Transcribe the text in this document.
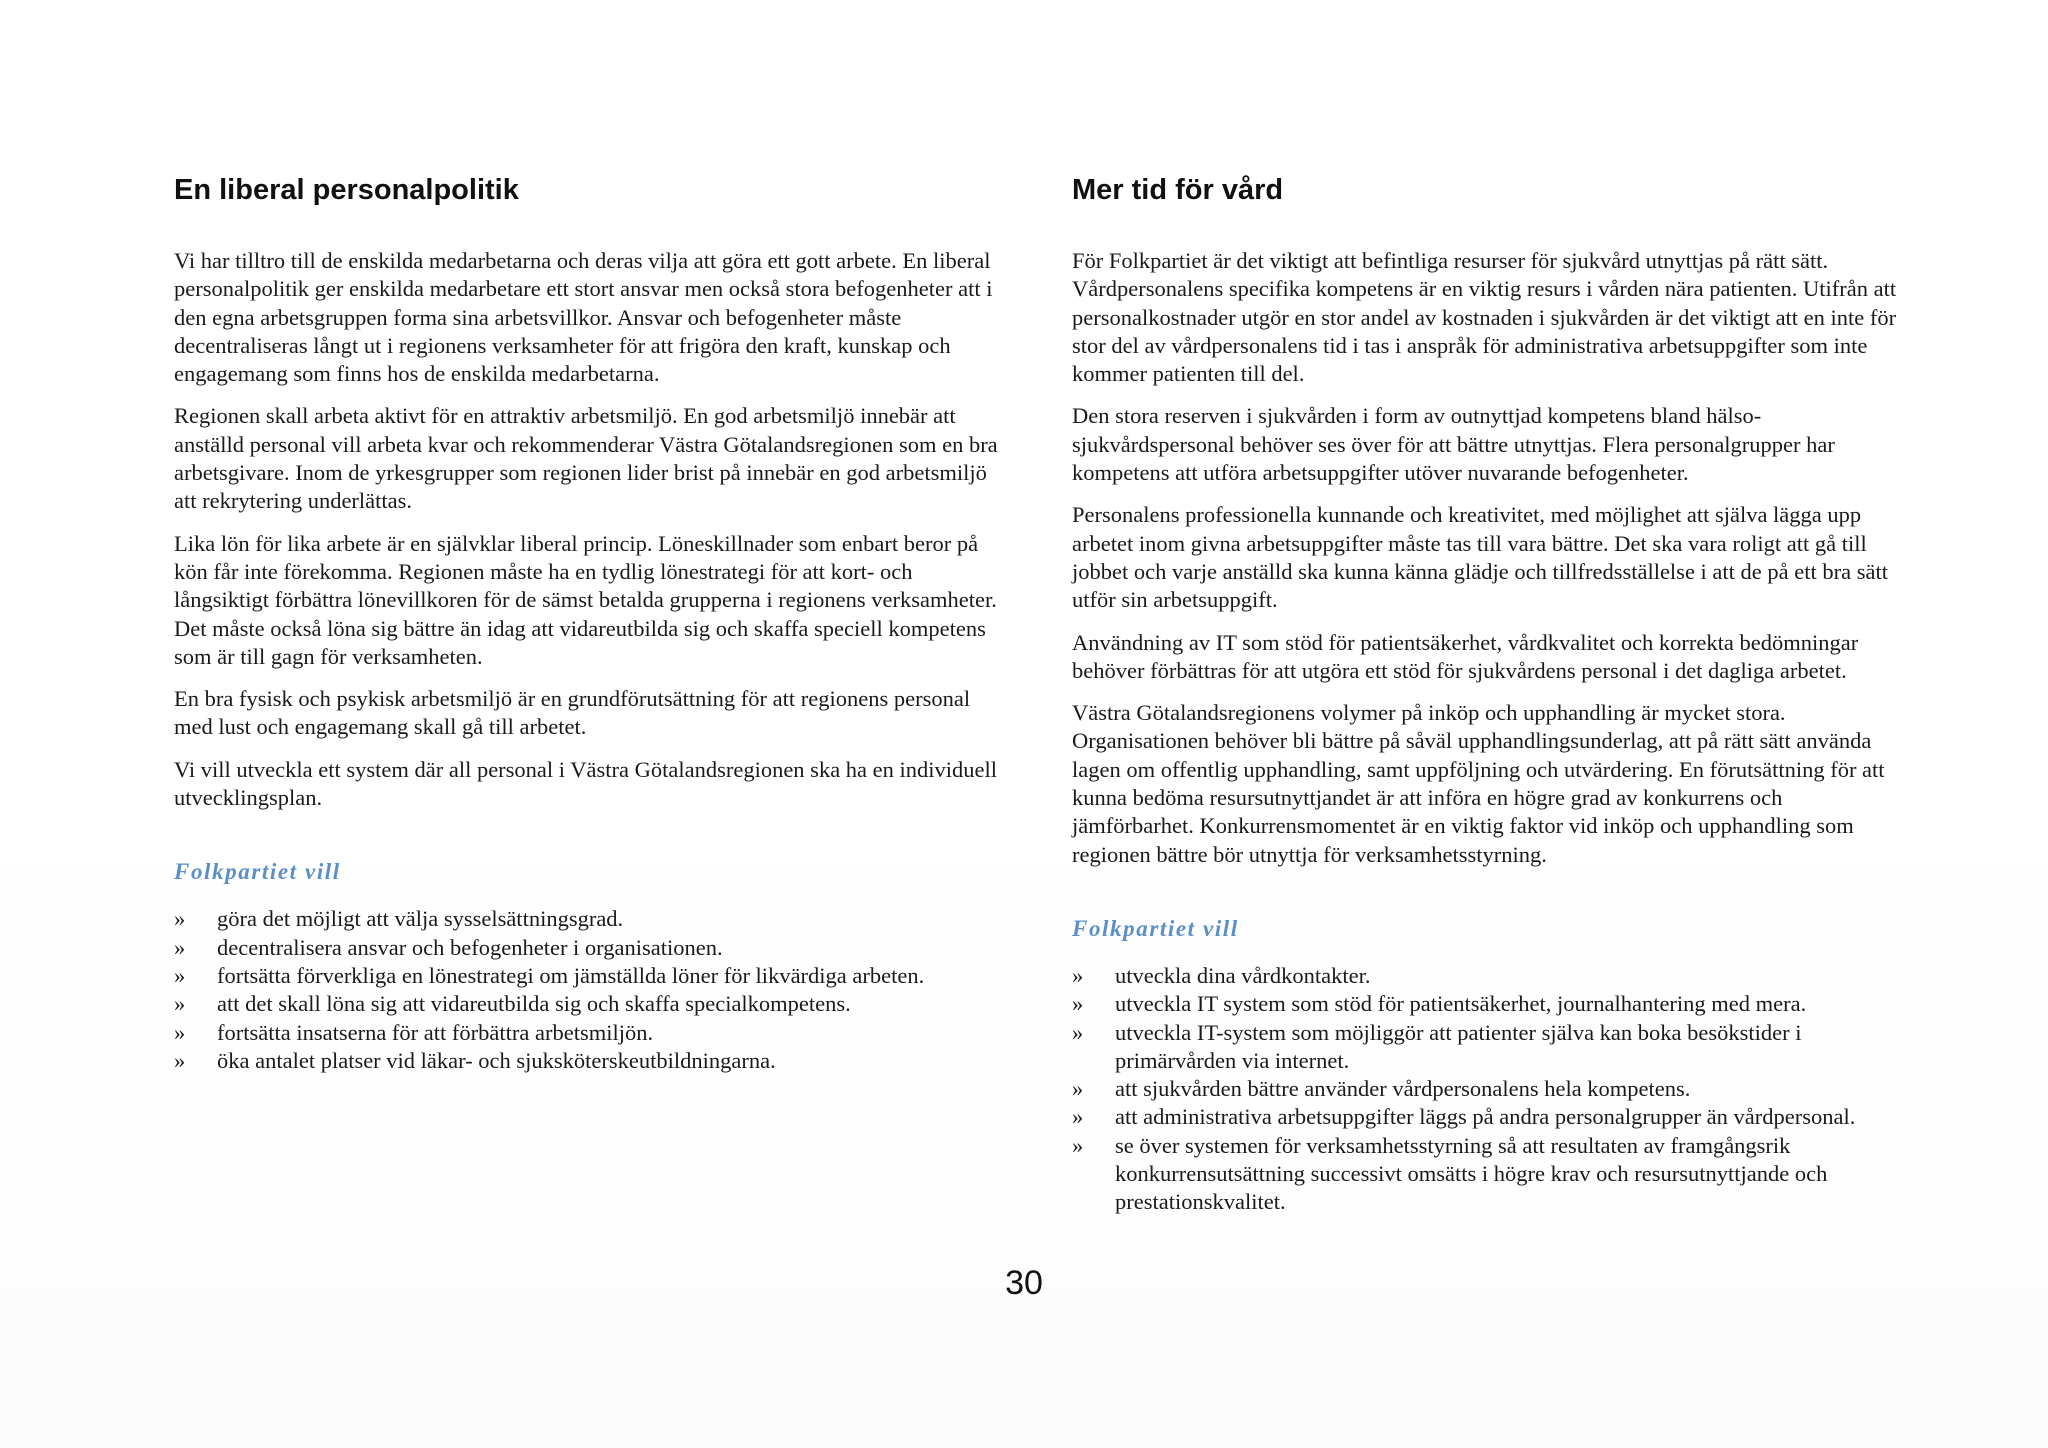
En liberal personalpolitik

Vi har tilltro till de enskilda medarbetarna och deras vilja att göra ett gott arbete. En liberal personalpolitik ger enskilda medarbetare ett stort ansvar men också stora befogenheter att i den egna arbetsgruppen forma sina arbetsvillkor. Ansvar och befogenheter måste decentraliseras långt ut i regionens verksamheter för att frigöra den kraft, kunskap och engagemang som finns hos de enskilda medarbetarna.

Regionen skall arbeta aktivt för en attraktiv arbetsmiljö. En god arbetsmiljö innebär att anställd personal vill arbeta kvar och rekommenderar Västra Götalandsregionen som en bra arbetsgivare. Inom de yrkesgrupper som regionen lider brist på innebär en god arbetsmiljö att rekrytering underlättas.

Lika lön för lika arbete är en självklar liberal princip. Löneskillnader som enbart beror på kön får inte förekomma. Regionen måste ha en tydlig lönestrategi för att kort- och långsiktigt förbättra lönevillkoren för de sämst betalda grupperna i regionens verksamheter. Det måste också löna sig bättre än idag att vidareutbilda sig och skaffa speciell kompetens som är till gagn för verksamheten.

En bra fysisk och psykisk arbetsmiljö är en grundförutsättning för att regionens personal med lust och engagemang skall gå till arbetet.

Vi vill utveckla ett system där all personal i Västra Götalandsregionen ska ha en individuell utvecklingsplan.

Folkpartiet vill
» göra det möjligt att välja sysselsättningsgrad.
» decentralisera ansvar och befogenheter i organisationen.
» fortsätta förverkliga en lönestrategi om jämställda löner för likvärdiga arbeten.
» att det skall löna sig att vidareutbilda sig och skaffa specialkompetens.
» fortsätta insatserna för att förbättra arbetsmiljön.
» öka antalet platser vid läkar- och sjuksköterskeutbildningarna.
Mer tid för vård

För Folkpartiet är det viktigt att befintliga resurser för sjukvård utnyttjas på rätt sätt. Vårdpersonalens specifika kompetens är en viktig resurs i vården nära patienten. Utifrån att personalkostnader utgör en stor andel av kostnaden i sjukvården är det viktigt att en inte för stor del av vårdpersonalens tid i tas i anspråk för administrativa arbetsuppgifter som inte kommer patienten till del.

Den stora reserven i sjukvården i form av outnyttjad kompetens bland hälso-sjukvårdspersonal behöver ses över för att bättre utnyttjas. Flera personalgrupper har kompetens att utföra arbetsuppgifter utöver nuvarande befogenheter.

Personalens professionella kunnande och kreativitet, med möjlighet att själva lägga upp arbetet inom givna arbetsuppgifter måste tas till vara bättre. Det ska vara roligt att gå till jobbet och varje anställd ska kunna känna glädje och tillfredsställelse i att de på ett bra sätt utför sin arbetsuppgift.

Användning av IT som stöd för patientsäkerhet, vårdkvalitet och korrekta bedömningar behöver förbättras för att utgöra ett stöd för sjukvårdens personal i det dagliga arbetet.

Västra Götalandsregionens volymer på inköp och upphandling är mycket stora. Organisationen behöver bli bättre på såväl upphandlingsunderlag, att på rätt sätt använda lagen om offentlig upphandling, samt uppföljning och utvärdering. En förutsättning för att kunna bedöma resursutnyttjandet är att införa en högre grad av konkurrens och jämförbarhet. Konkurrensmomentet är en viktig faktor vid inköp och upphandling som regionen bättre bör utnyttja för verksamhetsstyrning.

Folkpartiet vill
» utveckla dina vårdkontakter.
» utveckla IT system som stöd för patientsäkerhet, journalhantering med mera.
» utveckla IT-system som möjliggör att patienter själva kan boka besökstider i primärvården via internet.
» att sjukvården bättre använder vårdpersonalens hela kompetens.
» att administrativa arbetsuppgifter läggs på andra personalgrupper än vårdpersonal.
» se över systemen för verksamhetsstyrning så att resultaten av framgångsrik konkurrensutsättning successivt omsätts i högre krav och resursutnyttjande och prestationskvalitet.
30
